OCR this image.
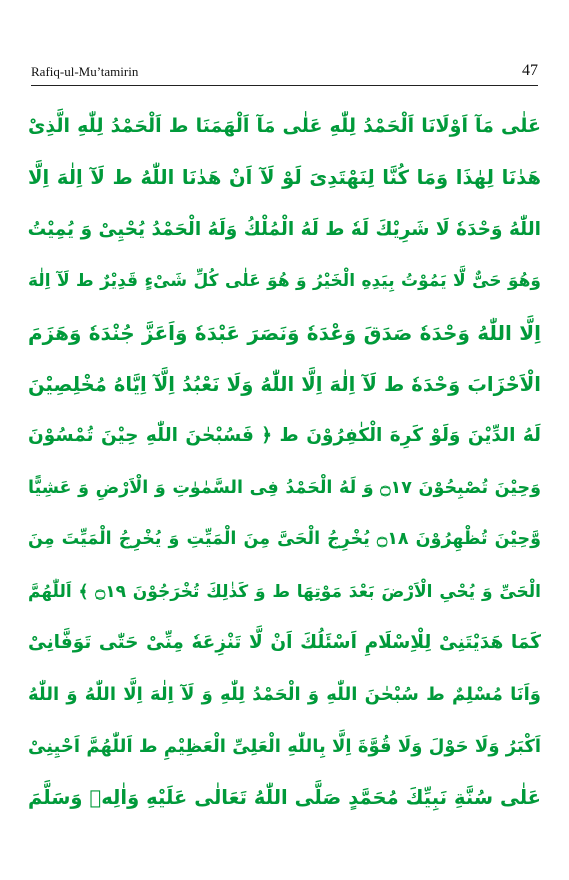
Rafiq-ul-Mu’tamirin	47
عَلٰى مَآ اَوْلَانَا اَلْحَمْدُ لِلّٰهِ عَلٰى مَآ اَلْهَمَنَا ط اَلْحَمْدُ لِلّٰهِ الَّذِىْ
هَدٰنَا لِهٰذَا وَمَا كُنَّا لِنَهْتَدِىَ لَوْ لَآ اَنْ هَدٰنَا اللّٰهُ ط لَآ اِلٰهَ اِلَّا
اللّٰهُ وَحْدَهٗ لَا شَرِيْكَ لَهٗ ط لَهُ الْمُلْكُ وَلَهُ الْحَمْدُ يُحْيِىْ وَ يُمِيْتُ
وَهُوَ حَىٌّ لَّا يَمُوْتُ بِيَدِهِ الْخَيْرُ وَ هُوَ عَلٰى كُلِّ شَىْءٍ قَدِيْرٌ ط لَآ اِلٰهَ
اِلَّا اللّٰهُ وَحْدَهٗ صَدَقَ وَعْدَهٗ وَنَصَرَ عَبْدَهٗ وَاَعَزَّ جُنْدَهٗ وَهَزَمَ
الْاَحْزَابَ وَحْدَهٗ ط لَآ اِلٰهَ اِلَّا اللّٰهُ وَلَا نَعْبُدُ اِلَّآ اِيَّاهُ مُخْلِصِيْنَ
لَهُ الدِّيْنَ وَلَوْ كَرِهَ الْكٰفِرُوْنَ ط ﴿ فَسُبْحٰنَ اللّٰهِ حِيْنَ تُمْسُوْنَ
وَحِيْنَ تُصْبِحُوْنَ ۝١٧ وَ لَهُ الْحَمْدُ فِى السَّمٰوٰتِ وَ الْاَرْضِ وَ عَشِيًّا
وَّحِيْنَ تُظْهِرُوْنَ ۝١٨ يُخْرِجُ الْحَىَّ مِنَ الْمَيِّتِ وَ يُخْرِجُ الْمَيِّتَ مِنَ
الْحَىِّ وَ يُحْىِ الْاَرْضَ بَعْدَ مَوْتِهَا ط وَ كَذٰلِكَ تُخْرَجُوْنَ ۝١٩ ﴾ اَللّٰهُمَّ
كَمَا هَدَيْتَنِىْ لِلْاِسْلَامِ اَسْئَلُكَ اَنْ لَّا تَنْزِعَهٗ مِنِّىْ حَتّٰى تَوَفَّانِىْ
وَاَنَا مُسْلِمٌ ط سُبْحٰنَ اللّٰهِ وَ الْحَمْدُ لِلّٰهِ وَ لَآ اِلٰهَ اِلَّا اللّٰهُ وَ اللّٰهُ
اَكْبَرُ وَلَا حَوْلَ وَلَا قُوَّةَ اِلَّا بِاللّٰهِ الْعَلِىِّ الْعَظِيْمِ ط اَللّٰهُمَّ اَحْيِنِىْ
عَلٰى سُنَّةِ نَبِيِّكَ مُحَمَّدٍ صَلَّى اللّٰهُ تَعَالٰى عَلَيْهِ وَاٰلِهٖ وَسَلَّمَ
